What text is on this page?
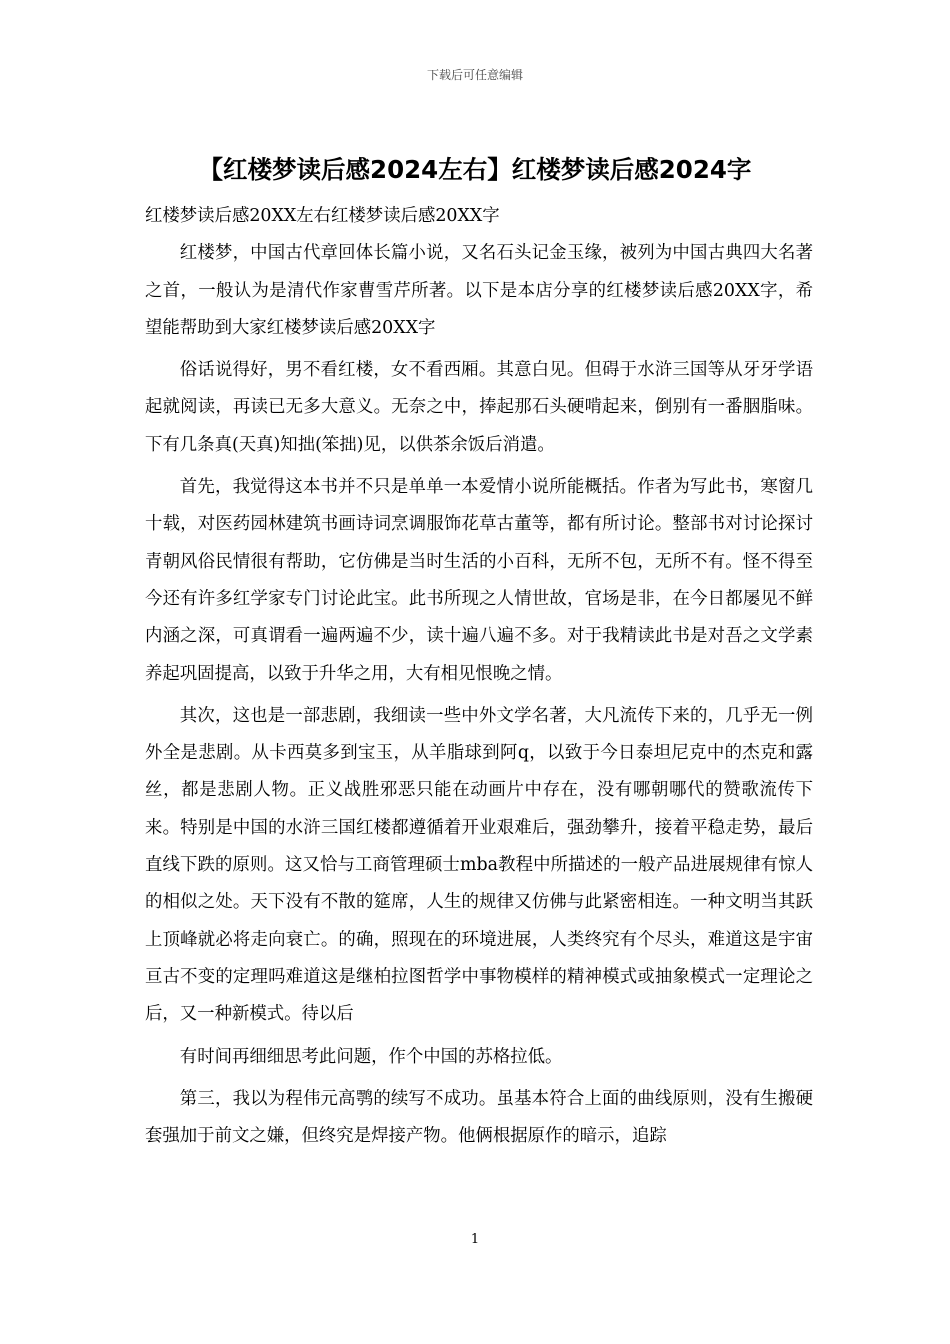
下载后可任意编辑
【红楼梦读后感2024左右】红楼梦读后感2024字

红楼梦读后感20XX左右红楼梦读后感20XX字

红楼梦，中国古代章回体长篇小说，又名石头记金玉缘，被列为中国古典四大名著之首，一般认为是清代作家曹雪芹所著。以下是本店分享的红楼梦读后感20XX字，希望能帮助到大家红楼梦读后感20XX字

俗话说得好，男不看红楼，女不看西厢。其意白见。但碍于水浒三国等从牙牙学语起就阅读，再读已无多大意义。无奈之中，捧起那石头硬啃起来，倒别有一番胭脂味。下有几条真(天真)知拙(笨拙)见，以供茶余饭后消遣。

首先，我觉得这本书并不只是单单一本爱情小说所能概括。作者为写此书，寒窗几十载，对医药园林建筑书画诗词烹调服饰花草古董等，都有所讨论。整部书对讨论探讨青朝风俗民情很有帮助，它仿佛是当时生活的小百科，无所不包，无所不有。怪不得至今还有许多红学家专门讨论此宝。此书所现之人情世故，官场是非，在今日都屡见不鲜内涵之深，可真谓看一遍两遍不少，读十遍八遍不多。对于我精读此书是对吾之文学素养起巩固提高，以致于升华之用，大有相见恨晚之情。

其次，这也是一部悲剧，我细读一些中外文学名著，大凡流传下来的，几乎无一例外全是悲剧。从卡西莫多到宝玉，从羊脂球到阿q，以致于今日泰坦尼克中的杰克和露丝，都是悲剧人物。正义战胜邪恶只能在动画片中存在，没有哪朝哪代的赞歌流传下来。特别是中国的水浒三国红楼都遵循着开业艰难后，强劲攀升，接着平稳走势，最后直线下跌的原则。这又恰与工商管理硕士mba教程中所描述的一般产品进展规律有惊人的相似之处。天下没有不散的筵席，人生的规律又仿佛与此紧密相连。一种文明当其跃上顶峰就必将走向衰亡。的确，照现在的环境进展，人类终究有个尽头，难道这是宇宙亘古不变的定理吗难道这是继柏拉图哲学中事物模样的精神模式或抽象模式一定理论之后，又一种新模式。待以后

有时间再细细思考此问题，作个中国的苏格拉低。

第三，我以为程伟元高鹗的续写不成功。虽基本符合上面的曲线原则，没有生搬硬套强加于前文之嫌，但终究是焊接产物。他俩根据原作的暗示，追踪

1
